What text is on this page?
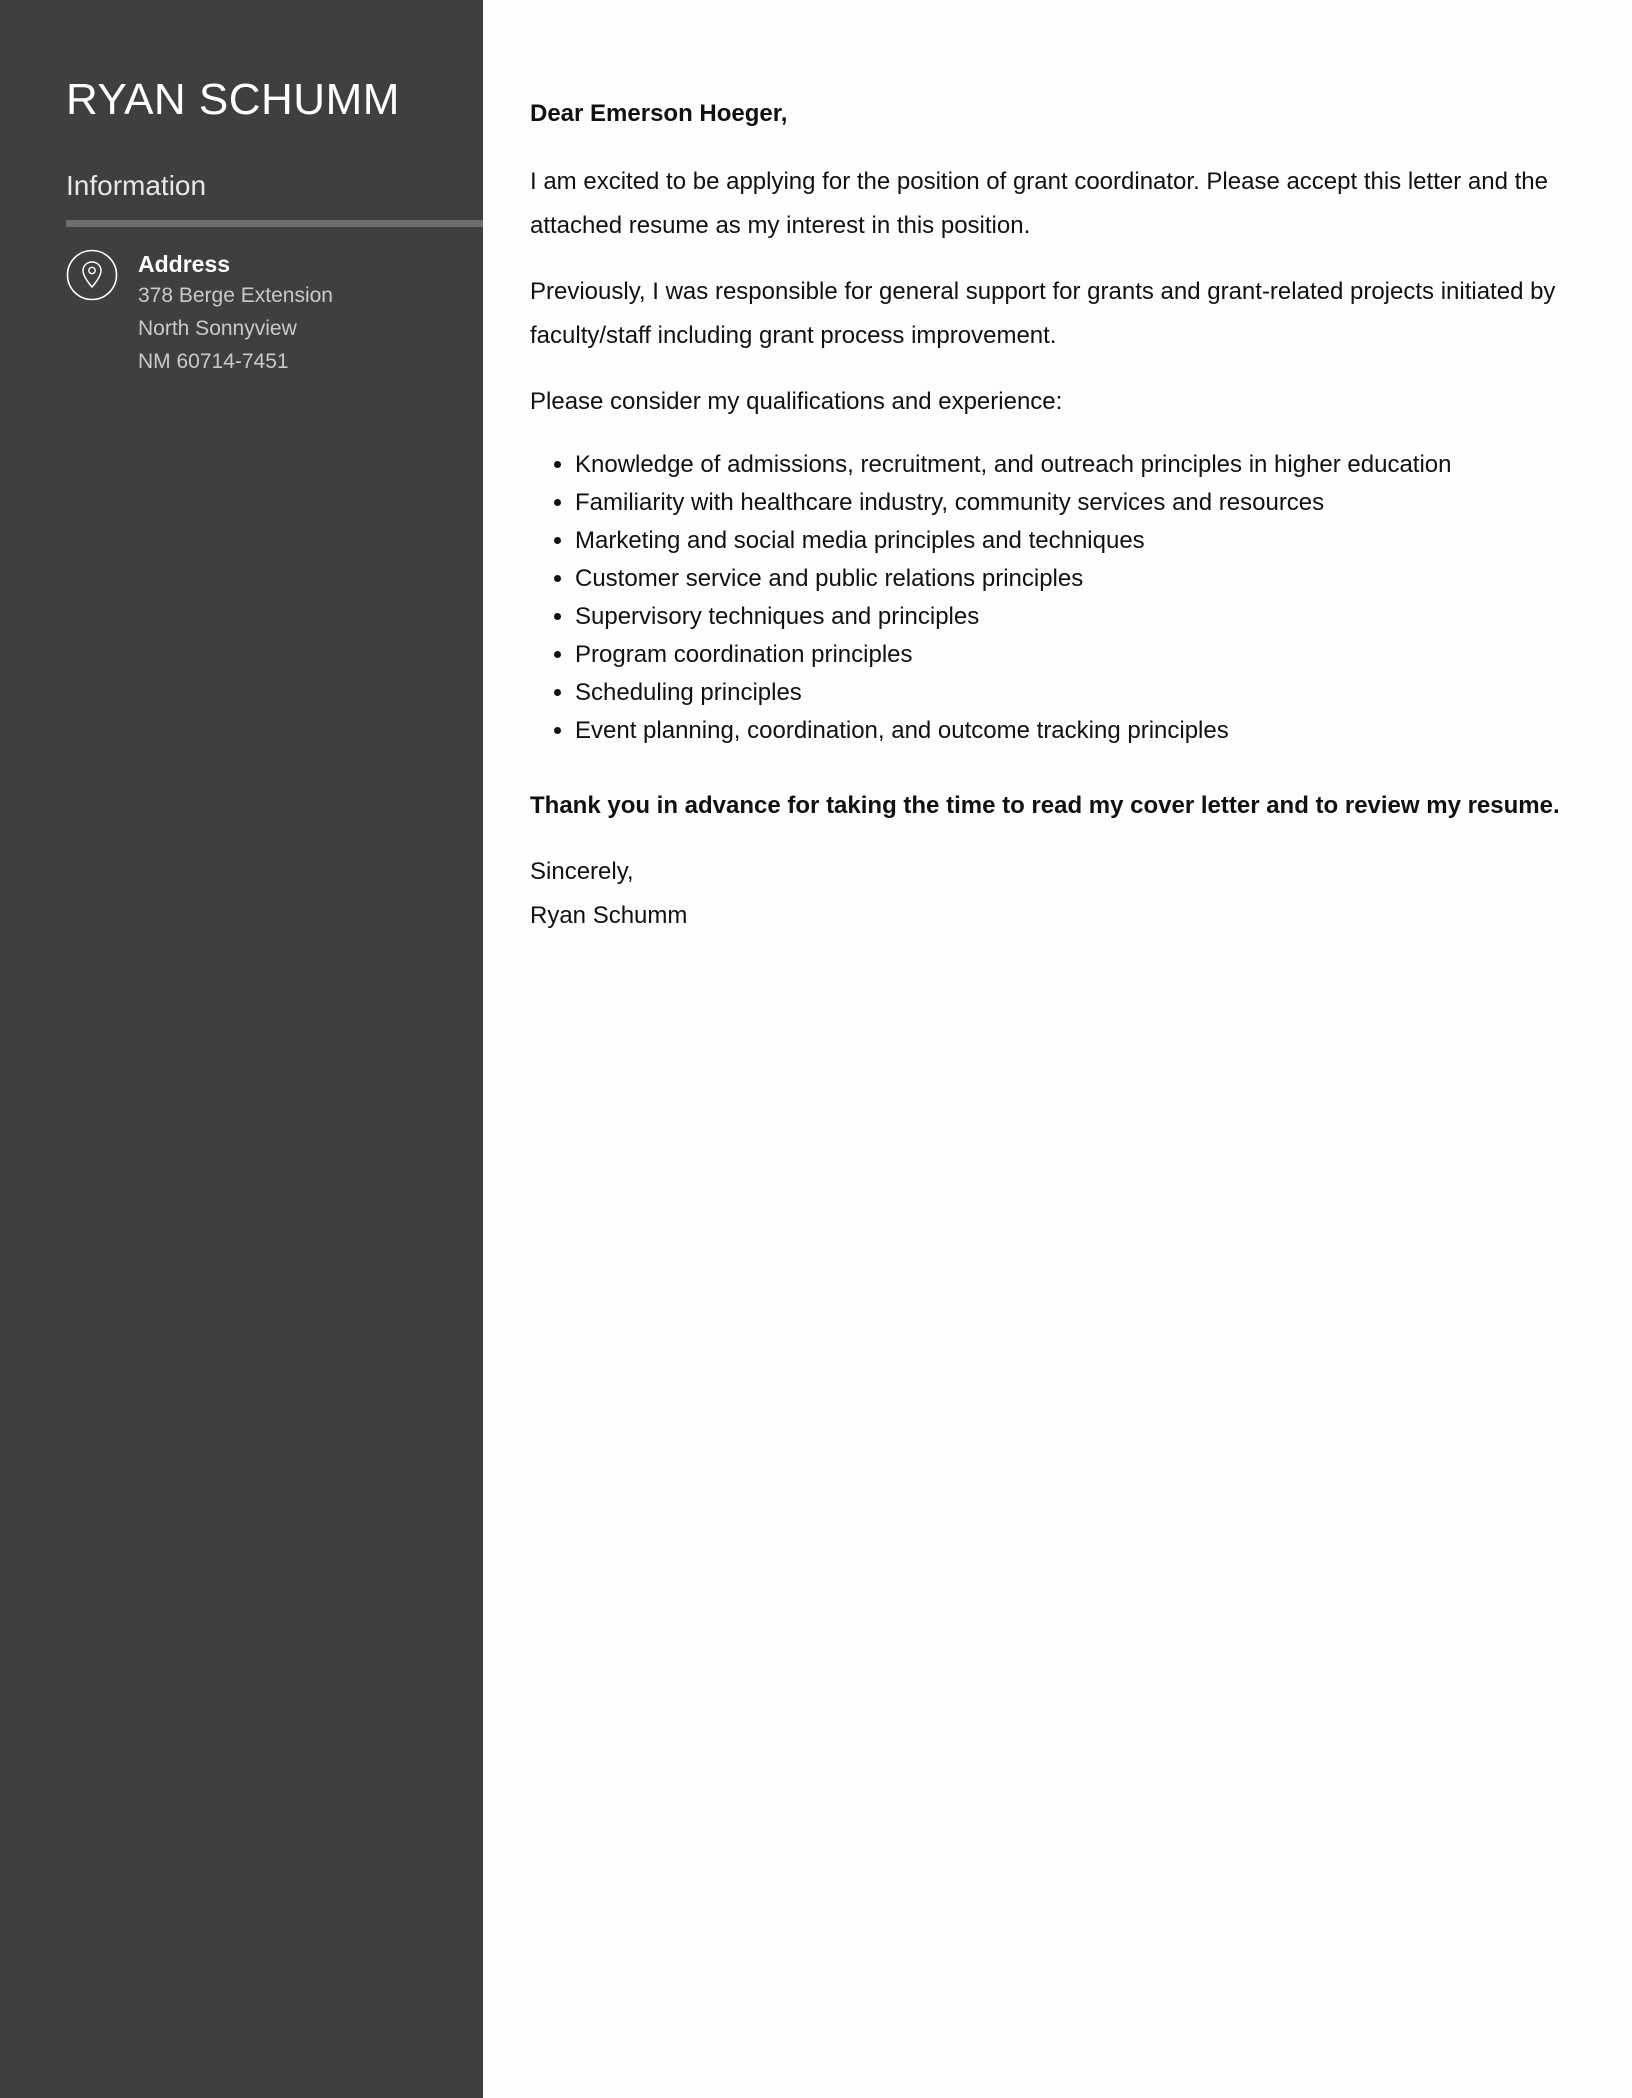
RYAN SCHUMM
Information
Address
378 Berge Extension
North Sonnyview
NM 60714-7451

Dear Emerson Hoeger,

I am excited to be applying for the position of grant coordinator. Please accept this letter and the attached resume as my interest in this position.

Previously, I was responsible for general support for grants and grant-related projects initiated by faculty/staff including grant process improvement.

Please consider my qualifications and experience:

• Knowledge of admissions, recruitment, and outreach principles in higher education
• Familiarity with healthcare industry, community services and resources
• Marketing and social media principles and techniques
• Customer service and public relations principles
• Supervisory techniques and principles
• Program coordination principles
• Scheduling principles
• Event planning, coordination, and outcome tracking principles

Thank you in advance for taking the time to read my cover letter and to review my resume.

Sincerely,
Ryan Schumm
